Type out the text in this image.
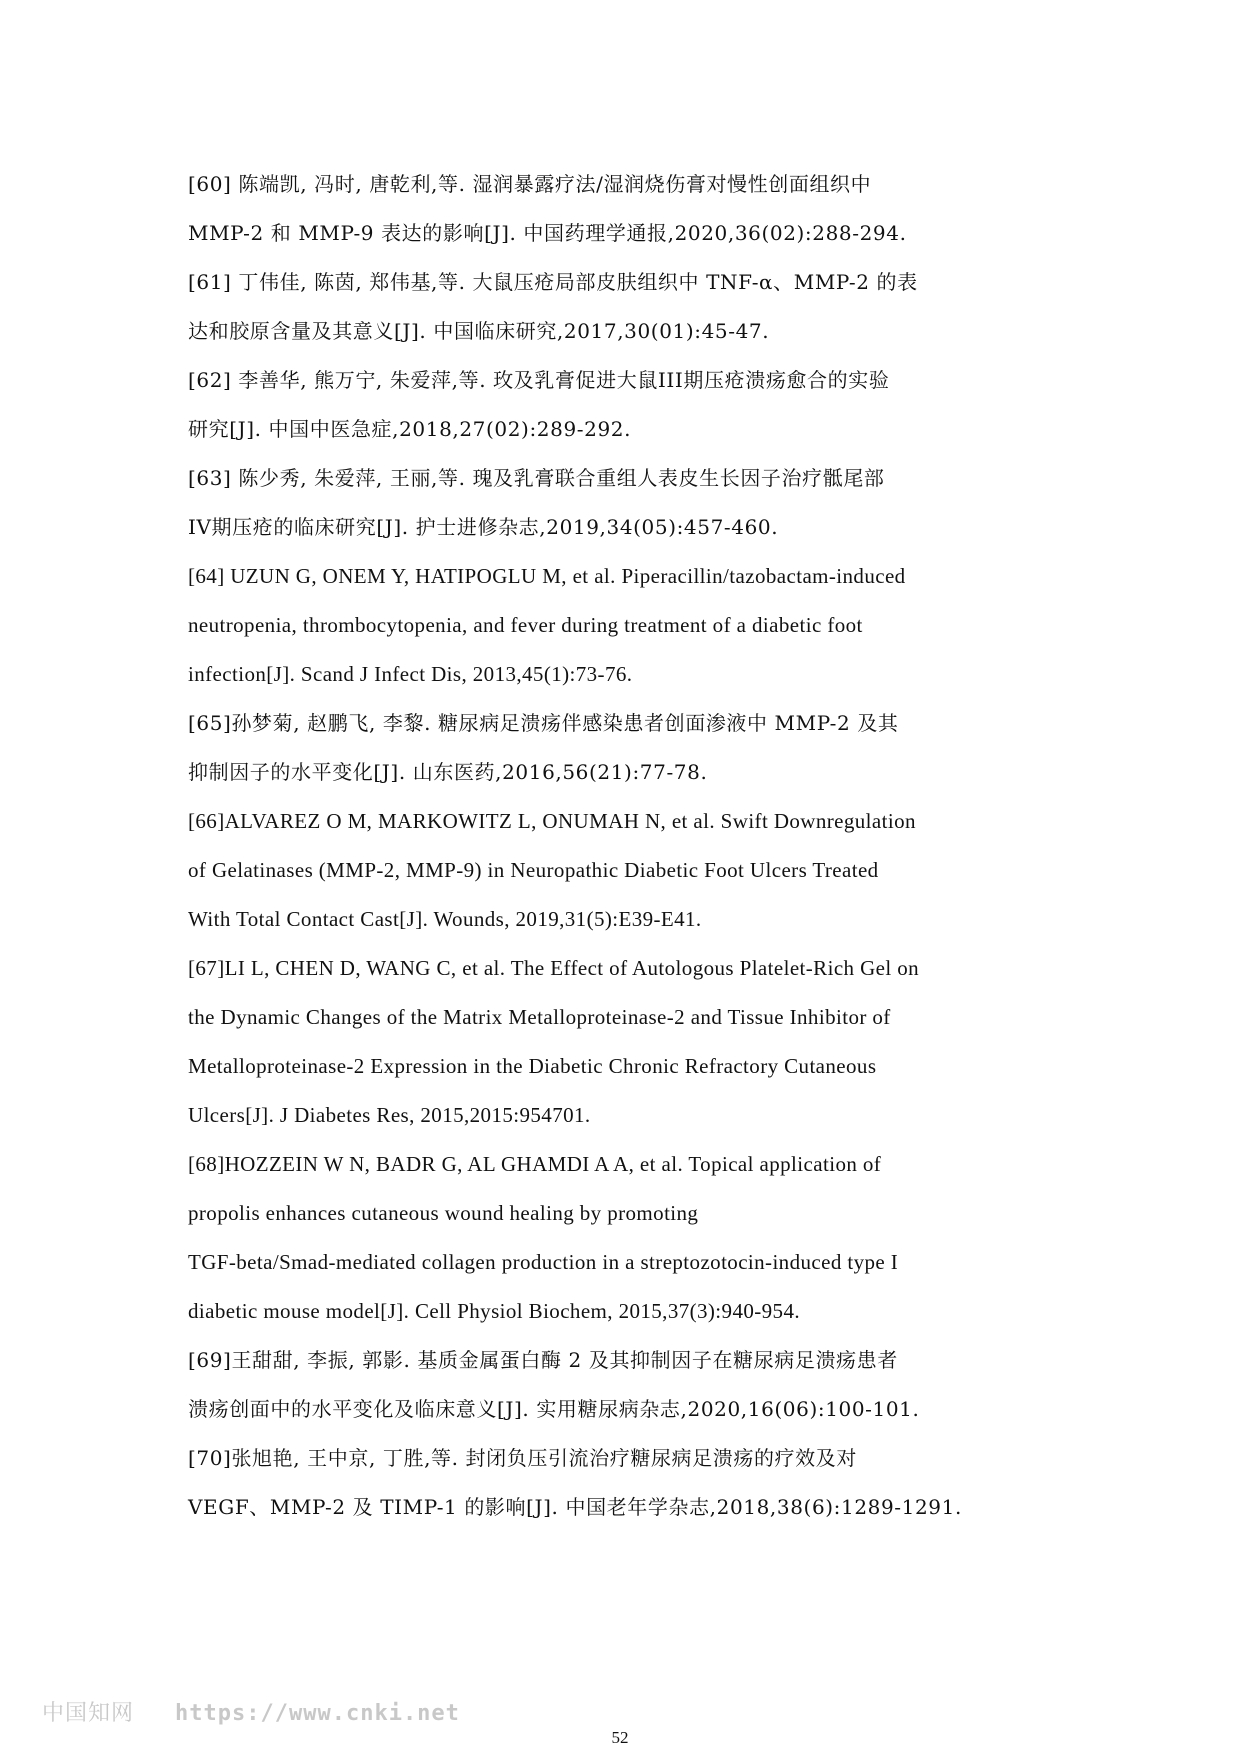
[60] 陈端凯, 冯时, 唐乾利,等. 湿润暴露疗法/湿润烧伤膏对慢性创面组织中
MMP-2 和 MMP-9 表达的影响[J]. 中国药理学通报,2020,36(02):288-294.
[61] 丁伟佳, 陈茵, 郑伟基,等. 大鼠压疮局部皮肤组织中 TNF-α、MMP-2 的表
达和胶原含量及其意义[J]. 中国临床研究,2017,30(01):45-47.
[62] 李善华, 熊万宁, 朱爱萍,等. 玫及乳膏促进大鼠III期压疮溃疡愈合的实验
研究[J]. 中国中医急症,2018,27(02):289-292.
[63] 陈少秀, 朱爱萍, 王丽,等. 瑰及乳膏联合重组人表皮生长因子治疗骶尾部
IV期压疮的临床研究[J]. 护士进修杂志,2019,34(05):457-460.
[64] UZUN G, ONEM Y, HATIPOGLU M, et al. Piperacillin/tazobactam-induced
neutropenia, thrombocytopenia, and fever during treatment of a diabetic foot
infection[J]. Scand J Infect Dis, 2013,45(1):73-76.
[65]孙梦菊, 赵鹏飞, 李黎. 糖尿病足溃疡伴感染患者创面渗液中 MMP-2 及其
抑制因子的水平变化[J]. 山东医药,2016,56(21):77-78.
[66]ALVAREZ O M, MARKOWITZ L, ONUMAH N, et al. Swift Downregulation
of Gelatinases (MMP-2, MMP-9) in Neuropathic Diabetic Foot Ulcers Treated
With Total Contact Cast[J]. Wounds, 2019,31(5):E39-E41.
[67]LI L, CHEN D, WANG C, et al. The Effect of Autologous Platelet-Rich Gel on
the Dynamic Changes of the Matrix Metalloproteinase-2 and Tissue Inhibitor of
Metalloproteinase-2 Expression in the Diabetic Chronic Refractory Cutaneous
Ulcers[J]. J Diabetes Res, 2015,2015:954701.
[68]HOZZEIN W N, BADR G, AL GHAMDI A A, et al. Topical application of
propolis enhances cutaneous wound healing by promoting
TGF-beta/Smad-mediated collagen production in a streptozotocin-induced type I
diabetic mouse model[J]. Cell Physiol Biochem, 2015,37(3):940-954.
[69]王甜甜, 李振, 郭影. 基质金属蛋白酶 2 及其抑制因子在糖尿病足溃疡患者
溃疡创面中的水平变化及临床意义[J]. 实用糖尿病杂志,2020,16(06):100-101.
[70]张旭艳, 王中京, 丁胜,等. 封闭负压引流治疗糖尿病足溃疡的疗效及对
VEGF、MMP-2 及 TIMP-1 的影响[J]. 中国老年学杂志,2018,38(6):1289-1291.
中国知网 https://www.cnki.net
52
